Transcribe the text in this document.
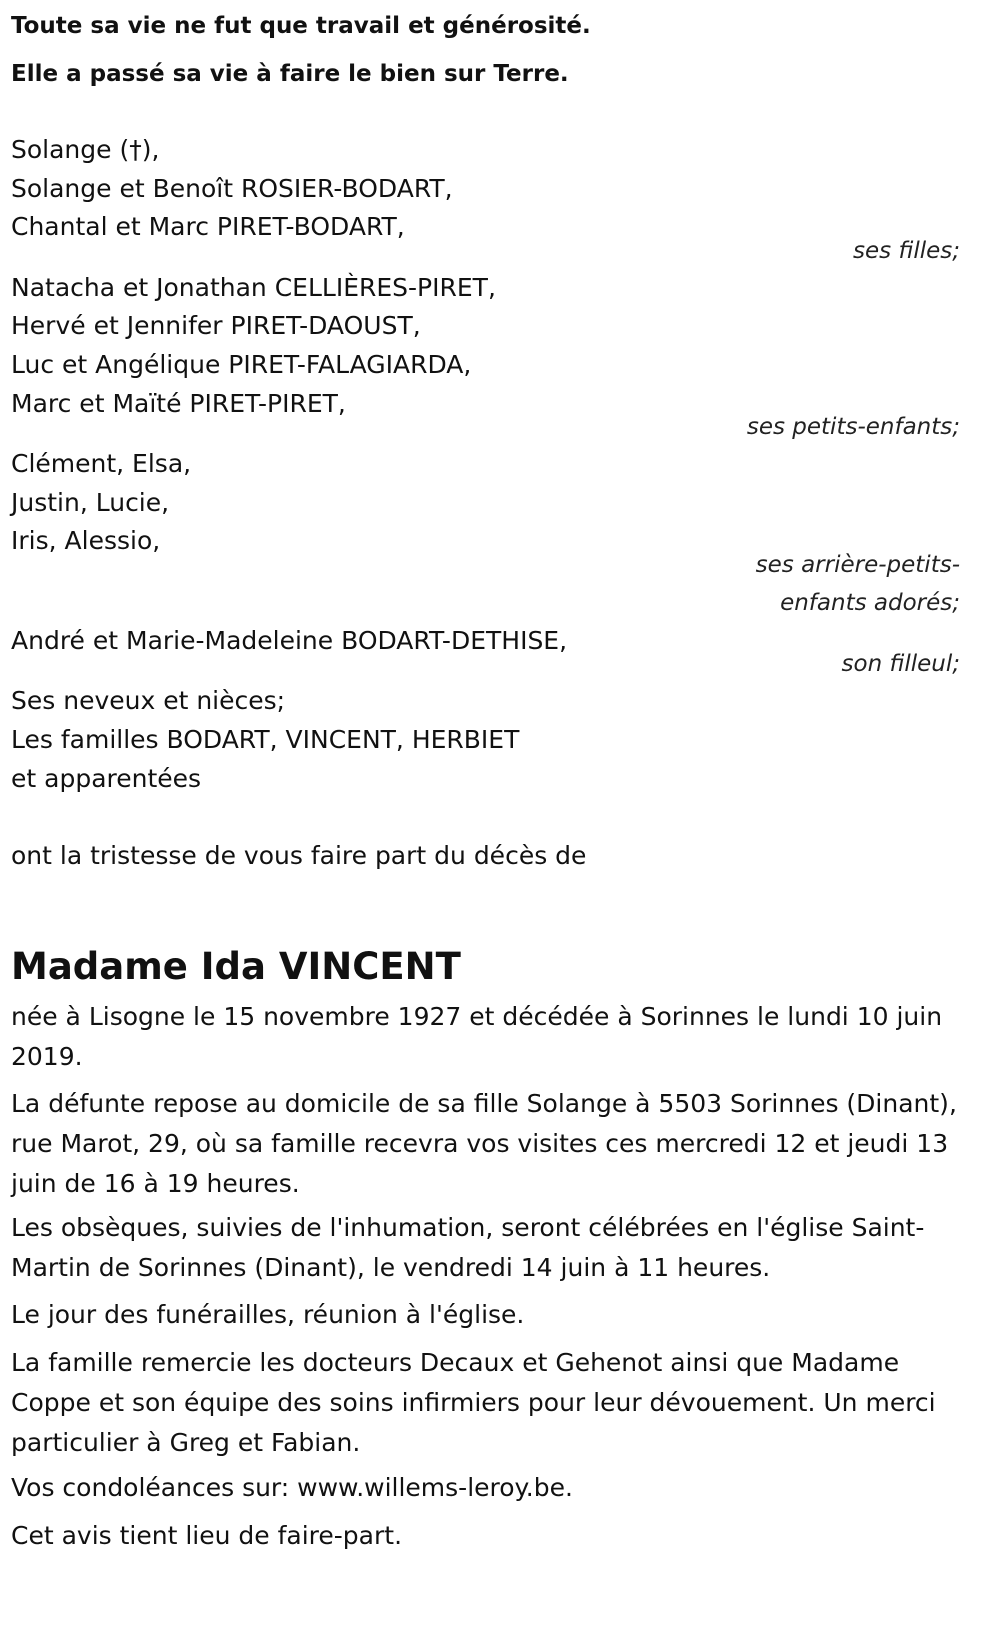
Toute sa vie ne fut que travail et générosité.
Elle a passé sa vie à faire le bien sur Terre.
Solange (†),
Solange et Benoît ROSIER-BODART,
Chantal et Marc PIRET-BODART,
ses filles;
Natacha et Jonathan CELLIÈRES-PIRET,
Hervé et Jennifer PIRET-DAOUST,
Luc et Angélique PIRET-FALAGIARDA,
Marc et Maïté PIRET-PIRET,
ses petits-enfants;
Clément, Elsa,
Justin, Lucie,
Iris, Alessio,
ses arrière-petits-
enfants adorés;
André et Marie-Madeleine BODART-DETHISE,
son filleul;
Ses neveux et nièces;
Les familles BODART, VINCENT, HERBIET
et apparentées
ont la tristesse de vous faire part du décès de
Madame Ida VINCENT
née à Lisogne le 15 novembre 1927 et décédée à Sorinnes le lundi 10 juin 2019.
La défunte repose au domicile de sa fille Solange à 5503 Sorinnes (Dinant), rue Marot, 29, où sa famille recevra vos visites ces mercredi 12 et jeudi 13 juin de 16 à 19 heures.
Les obsèques, suivies de l'inhumation, seront célébrées en l'église Saint-Martin de Sorinnes (Dinant), le vendredi 14 juin à 11 heures.
Le jour des funérailles, réunion à l'église.
La famille remercie les docteurs Decaux et Gehenot ainsi que Madame Coppe et son équipe des soins infirmiers pour leur dévouement. Un merci particulier à Greg et Fabian.
Vos condoléances sur: www.willems-leroy.be.
Cet avis tient lieu de faire-part.
